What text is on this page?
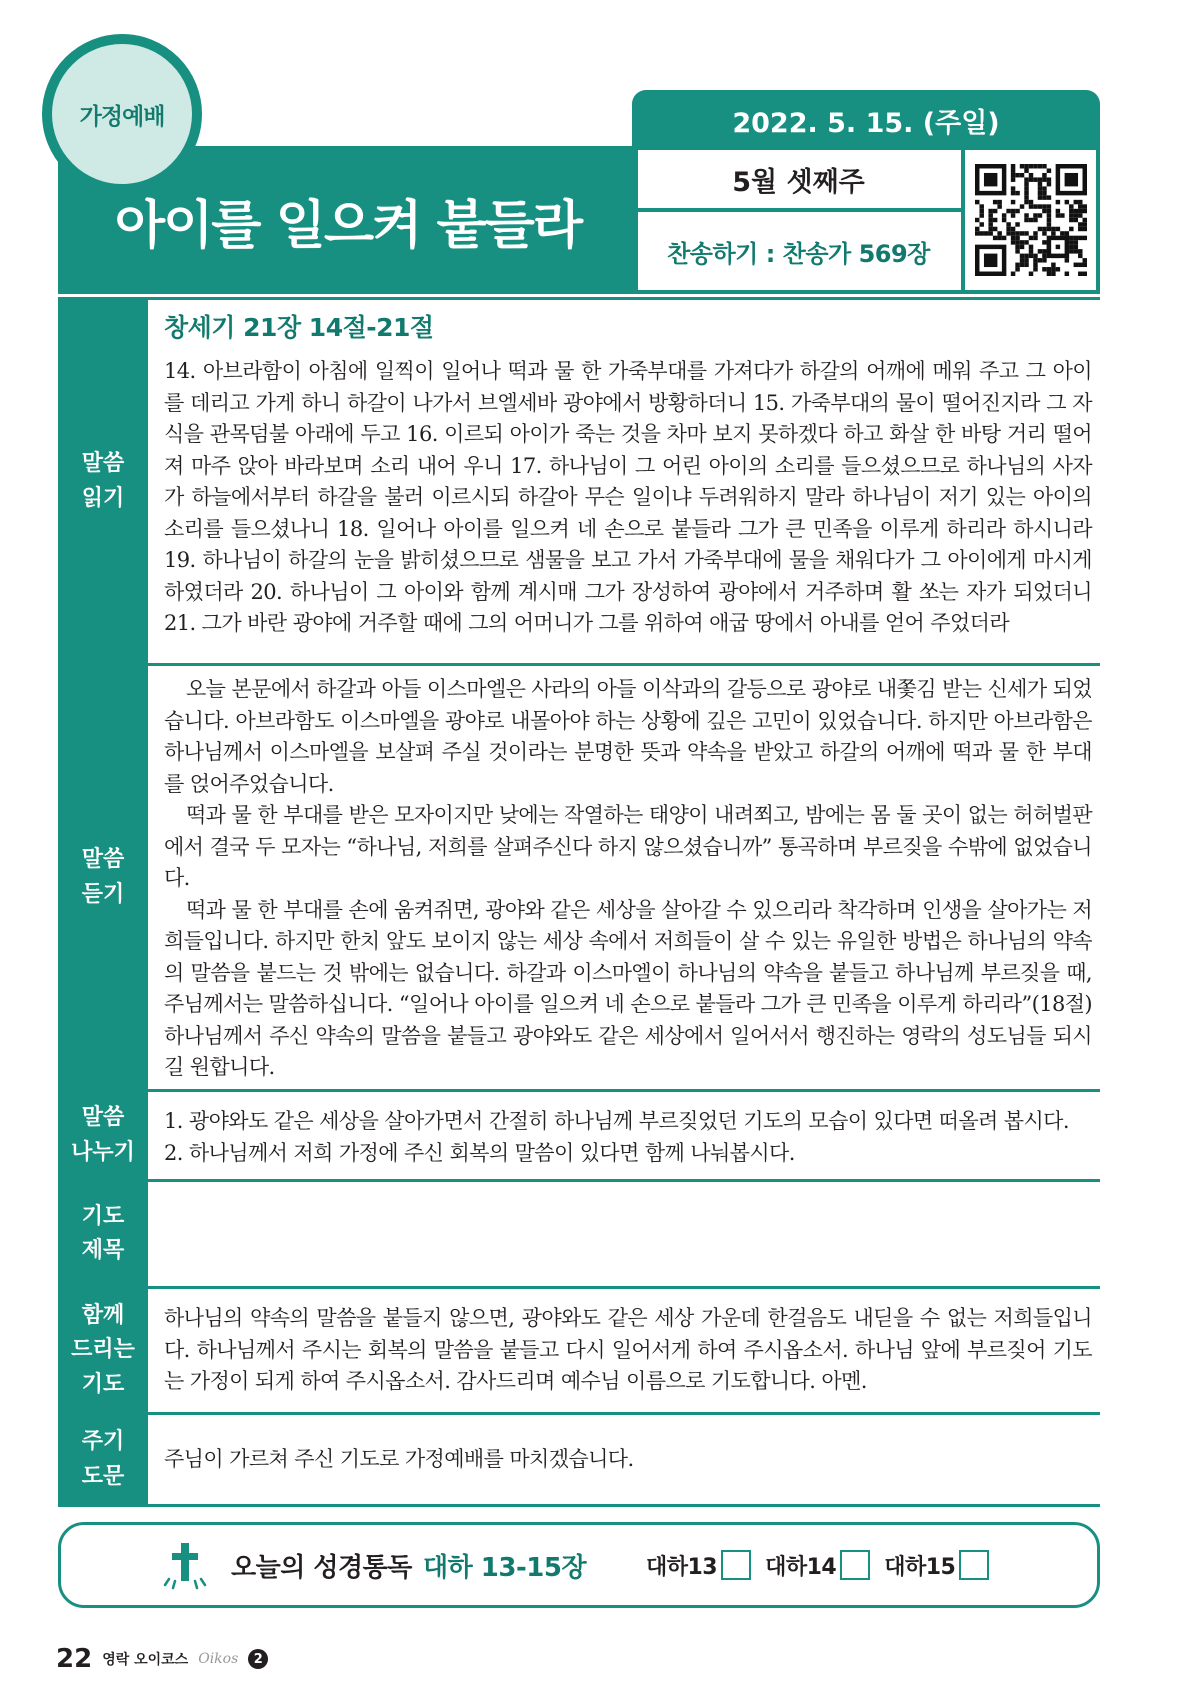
가정예배
아이를 일으켜 붙들라
2022. 5. 15. (주일)
5월 셋째주
찬송하기 : 찬송가 569장
말씀
읽기
창세기 21장 14절-21절
14. 아브라함이 아침에 일찍이 일어나 떡과 물 한 가죽부대를 가져다가 하갈의 어깨에 메워 주고 그 아이를 데리고 가게 하니 하갈이 나가서 브엘세바 광야에서 방황하더니 15. 가죽부대의 물이 떨어진지라 그 자식을 관목덤불 아래에 두고 16. 이르되 아이가 죽는 것을 차마 보지 못하겠다 하고 화살 한 바탕 거리 떨어져 마주 앉아 바라보며 소리 내어 우니 17. 하나님이 그 어린 아이의 소리를 들으셨으므로 하나님의 사자가 하늘에서부터 하갈을 불러 이르시되 하갈아 무슨 일이냐 두려워하지 말라 하나님이 저기 있는 아이의 소리를 들으셨나니 18. 일어나 아이를 일으켜 네 손으로 붙들라 그가 큰 민족을 이루게 하리라 하시니라 19. 하나님이 하갈의 눈을 밝히셨으므로 샘물을 보고 가서 가죽부대에 물을 채워다가 그 아이에게 마시게 하였더라 20. 하나님이 그 아이와 함께 계시매 그가 장성하여 광야에서 거주하며 활 쏘는 자가 되었더니 21. 그가 바란 광야에 거주할 때에 그의 어머니가 그를 위하여 애굽 땅에서 아내를 얻어 주었더라
말씀
듣기

오늘 본문에서 하갈과 아들 이스마엘은 사라의 아들 이삭과의 갈등으로 광야로 내쫓김 받는 신세가 되었습니다. 아브라함도 이스마엘을 광야로 내몰아야 하는 상황에 깊은 고민이 있었습니다. 하지만 아브라함은 하나님께서 이스마엘을 보살펴 주실 것이라는 분명한 뜻과 약속을 받았고 하갈의 어깨에 떡과 물 한 부대를 얹어주었습니다.

떡과 물 한 부대를 받은 모자이지만 낮에는 작열하는 태양이 내려쬐고, 밤에는 몸 둘 곳이 없는 허허벌판에서 결국 두 모자는 “하나님, 저희를 살펴주신다 하지 않으셨습니까” 통곡하며 부르짖을 수밖에 없었습니다.

떡과 물 한 부대를 손에 움켜쥐면, 광야와 같은 세상을 살아갈 수 있으리라 착각하며 인생을 살아가는 저희들입니다. 하지만 한치 앞도 보이지 않는 세상 속에서 저희들이 살 수 있는 유일한 방법은 하나님의 약속의 말씀을 붙드는 것 밖에는 없습니다. 하갈과 이스마엘이 하나님의 약속을 붙들고 하나님께 부르짖을 때, 주님께서는 말씀하십니다. “일어나 아이를 일으켜 네 손으로 붙들라 그가 큰 민족을 이루게 하리라”(18절) 하나님께서 주신 약속의 말씀을 붙들고 광야와도 같은 세상에서 일어서서 행진하는 영락의 성도님들 되시길 원합니다.

말씀
나누기

1. 광야와도 같은 세상을 살아가면서 간절히 하나님께 부르짖었던 기도의 모습이 있다면 떠올려 봅시다.

2. 하나님께서 저희 가정에 주신 회복의 말씀이 있다면 함께 나눠봅시다.

기도
제목
함께
드리는
기도
하나님의 약속의 말씀을 붙들지 않으면, 광야와도 같은 세상 가운데 한걸음도 내딛을 수 없는 저희들입니다. 하나님께서 주시는 회복의 말씀을 붙들고 다시 일어서게 하여 주시옵소서. 하나님 앞에 부르짖어 기도는 가정이 되게 하여 주시옵소서. 감사드리며 예수님 이름으로 기도합니다. 아멘.
주기
도문
주님이 가르쳐 주신 기도로 가정예배를 마치겠습니다.
오늘의 성경통독 대하 13-15장	대하13 대하14 대하15
22 영락 오이코스 Oikos	2
